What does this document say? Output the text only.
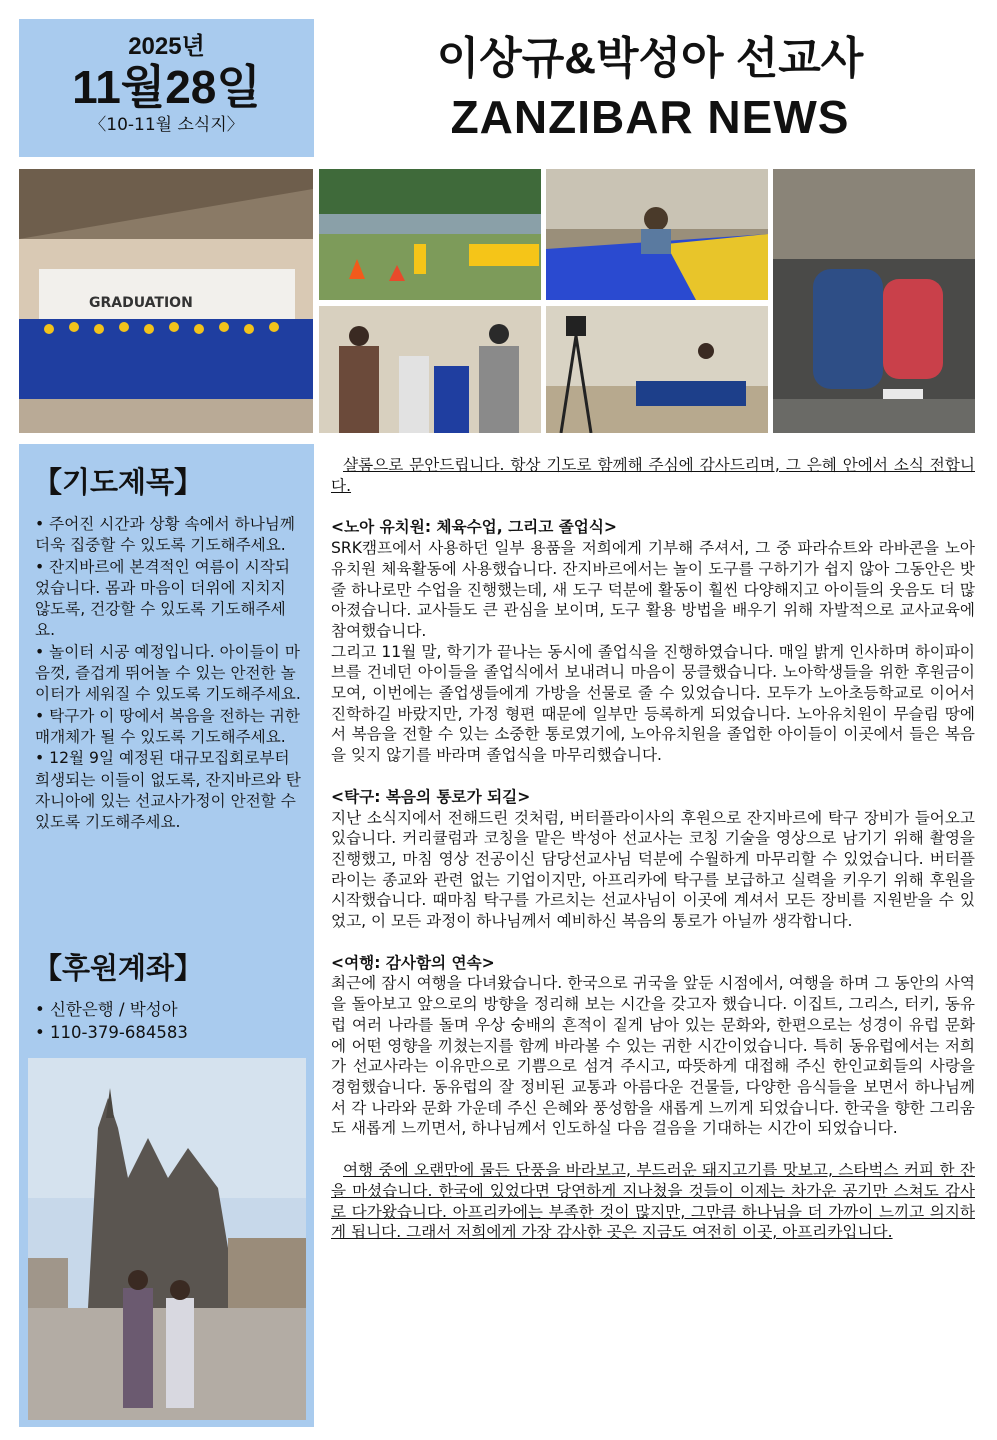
2025년
11월28일
〈10-11월 소식지〉
이상규&박성아 선교사
ZANZIBAR NEWS
GRADUATION
【기도제목】
• 주어진 시간과 상황 속에서 하나님께 더욱 집중할 수 있도록 기도해주세요.
• 잔지바르에 본격적인 여름이 시작되었습니다. 몸과 마음이 더위에 지치지 않도록, 건강할 수 있도록 기도해주세요.
• 놀이터 시공 예정입니다. 아이들이 마음껏, 즐겁게 뛰어놀 수 있는 안전한 놀이터가 세워질 수 있도록 기도해주세요.
• 탁구가 이 땅에서 복음을 전하는 귀한 매개체가 될 수 있도록 기도해주세요.
• 12월 9일 예정된 대규모집회로부터 희생되는 이들이 없도록, 잔지바르와 탄자니아에 있는 선교사가정이 안전할 수 있도록 기도해주세요.
【후원계좌】
• 신한은행 / 박성아
• 110-379-684583

샬롬으로 문안드립니다. 항상 기도로 함께해 주심에 감사드리며, 그 은혜 안에서 소식 전합니다.

<노아 유치원: 체육수업, 그리고 졸업식>

SRK캠프에서 사용하던 일부 용품을 저희에게 기부해 주셔서, 그 중 파라슈트와 라바콘을 노아유치원 체육활동에 사용했습니다. 잔지바르에서는 놀이 도구를 구하기가 쉽지 않아 그동안은 밧줄 하나로만 수업을 진행했는데, 새 도구 덕분에 활동이 훨씬 다양해지고 아이들의 웃음도 더 많아졌습니다. 교사들도 큰 관심을 보이며, 도구 활용 방법을 배우기 위해 자발적으로 교사교육에 참여했습니다.

그리고 11월 말, 학기가 끝나는 동시에 졸업식을 진행하였습니다. 매일 밝게 인사하며 하이파이브를 건네던 아이들을 졸업식에서 보내려니 마음이 뭉클했습니다. 노아학생들을 위한 후원금이 모여, 이번에는 졸업생들에게 가방을 선물로 줄 수 있었습니다. 모두가 노아초등학교로 이어서 진학하길 바랐지만, 가정 형편 때문에 일부만 등록하게 되었습니다. 노아유치원이 무슬림 땅에서 복음을 전할 수 있는 소중한 통로였기에, 노아유치원을 졸업한 아이들이 이곳에서 들은 복음을 잊지 않기를 바라며 졸업식을 마무리했습니다.

<탁구: 복음의 통로가 되길>

지난 소식지에서 전해드린 것처럼, 버터플라이사의 후원으로 잔지바르에 탁구 장비가 들어오고 있습니다. 커리큘럼과 코칭을 맡은 박성아 선교사는 코칭 기술을 영상으로 남기기 위해 촬영을 진행했고, 마침 영상 전공이신 담당선교사님 덕분에 수월하게 마무리할 수 있었습니다. 버터플라이는 종교와 관련 없는 기업이지만, 아프리카에 탁구를 보급하고 실력을 키우기 위해 후원을 시작했습니다. 때마침 탁구를 가르치는 선교사님이 이곳에 계셔서 모든 장비를 지원받을 수 있었고, 이 모든 과정이 하나님께서 예비하신 복음의 통로가 아닐까 생각합니다.

<여행: 감사함의 연속>

최근에 잠시 여행을 다녀왔습니다. 한국으로 귀국을 앞둔 시점에서, 여행을 하며 그 동안의 사역을 돌아보고 앞으로의 방향을 정리해 보는 시간을 갖고자 했습니다. 이집트, 그리스, 터키, 동유럽 여러 나라를 돌며 우상 숭배의 흔적이 짙게 남아 있는 문화와, 한편으로는 성경이 유럽 문화에 어떤 영향을 끼쳤는지를 함께 바라볼 수 있는 귀한 시간이었습니다. 특히 동유럽에서는 저희가 선교사라는 이유만으로 기쁨으로 섬겨 주시고, 따뜻하게 대접해 주신 한인교회들의 사랑을 경험했습니다. 동유럽의 잘 정비된 교통과 아름다운 건물들, 다양한 음식들을 보면서 하나님께서 각 나라와 문화 가운데 주신 은혜와 풍성함을 새롭게 느끼게 되었습니다. 한국을 향한 그리움도 새롭게 느끼면서, 하나님께서 인도하실 다음 걸음을 기대하는 시간이 되었습니다.

여행 중에 오랜만에 물든 단풍을 바라보고, 부드러운 돼지고기를 맛보고, 스타벅스 커피 한 잔을 마셨습니다. 한국에 있었다면 당연하게 지나쳤을 것들이 이제는 차가운 공기만 스쳐도 감사로 다가왔습니다. 아프리카에는 부족한 것이 많지만, 그만큼 하나님을 더 가까이 느끼고 의지하게 됩니다. 그래서 저희에게 가장 감사한 곳은 지금도 여전히 이곳, 아프리카입니다.
